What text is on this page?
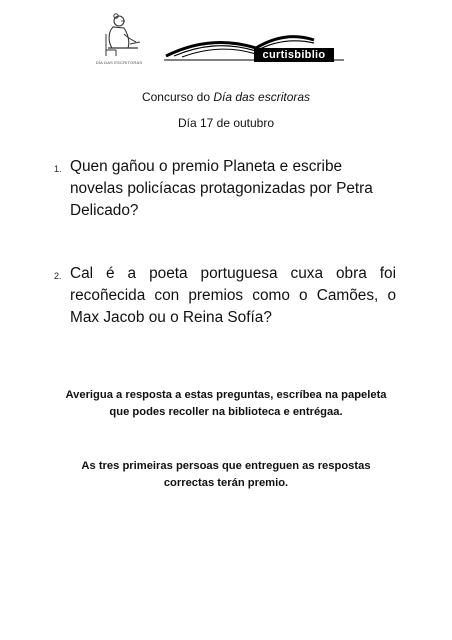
DÍA DAS ESCRITORAS
curtisbiblio
Concurso do Día das escritoras
Día 17 de outubro
1. Quen gañou o premio Planeta e escribe novelas policíacas protagonizadas por Petra Delicado?
2. Cal é a poeta portuguesa cuxa obra foi recoñecida con premios como o Camões, o Max Jacob ou o Reina Sofía?
Averigua a resposta a estas preguntas, escríbea na papeleta
que podes recoller na biblioteca e entrégaa.
As tres primeiras persoas que entreguen as respostas
correctas terán premio.
